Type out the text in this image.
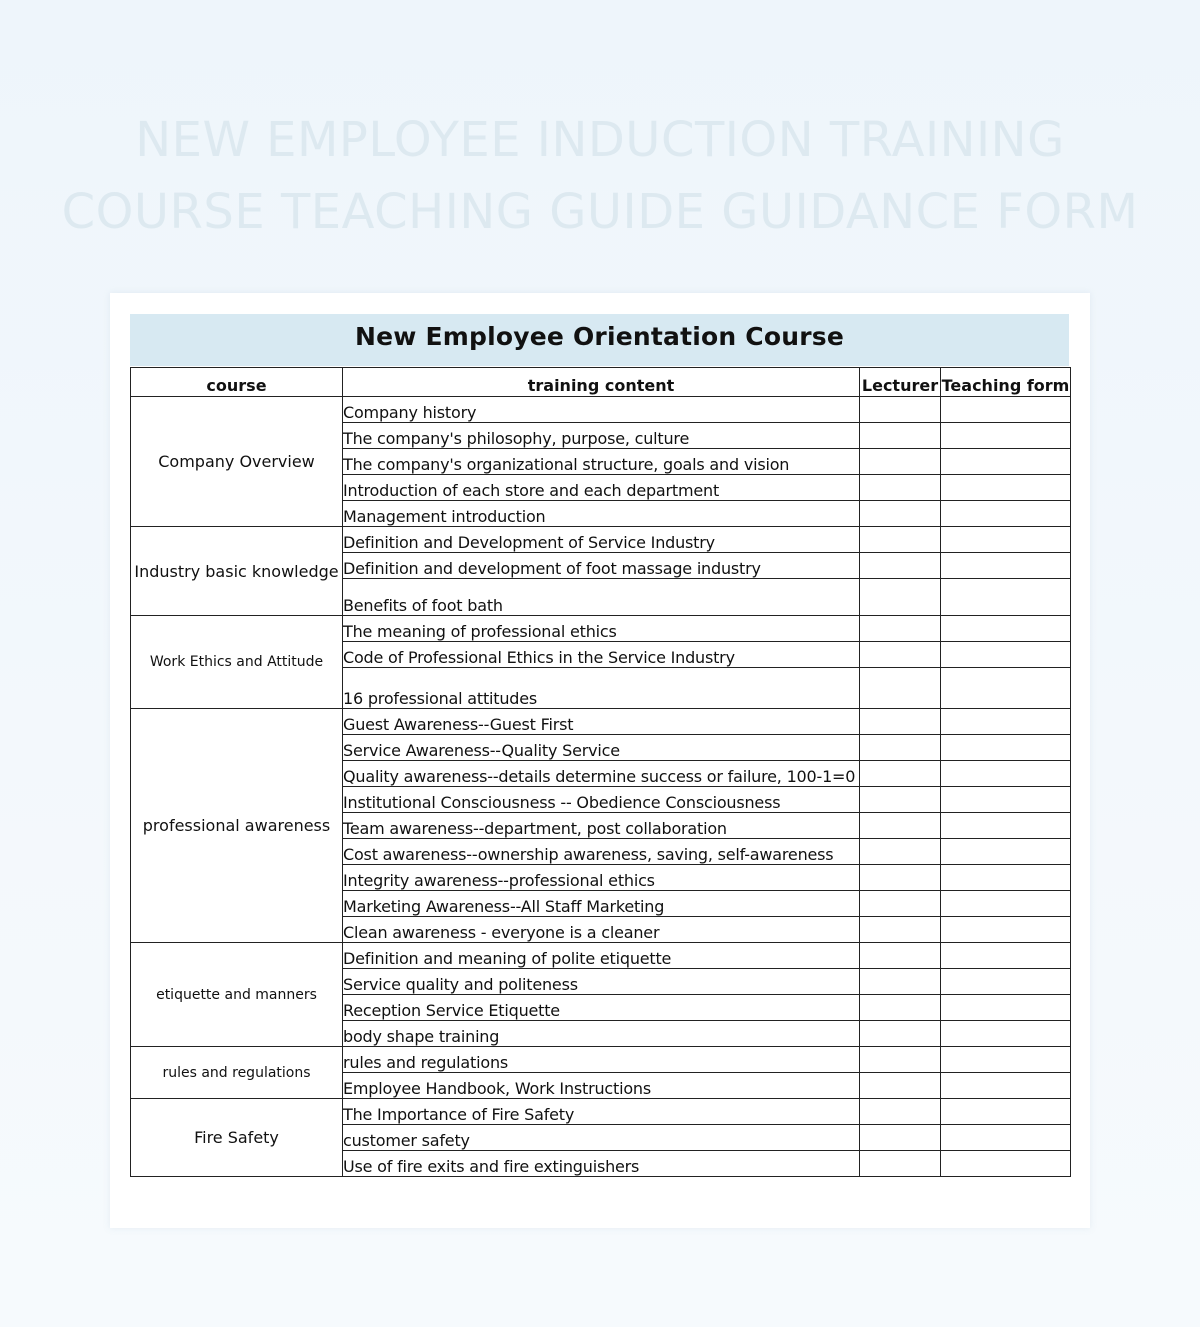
NEW EMPLOYEE INDUCTION TRAINING
COURSE TEACHING GUIDE GUIDANCE FORM
New Employee Orientation Course
course	training content	Lecturer	Teaching form
Company Overview	Company history		
	The company's philosophy, purpose, culture		
	The company's organizational structure, goals and vision		
	Introduction of each store and each department		
	Management introduction		
Industry basic knowledge	Definition and Development of Service Industry		
	Definition and development of foot massage industry		
	Benefits of foot bath		
Work Ethics and Attitude	The meaning of professional ethics		
	Code of Professional Ethics in the Service Industry		
	16 professional attitudes		
professional awareness	Guest Awareness--Guest First		
	Service Awareness--Quality Service		
	Quality awareness--details determine success or failure, 100-1=0		
	Institutional Consciousness -- Obedience Consciousness		
	Team awareness--department, post collaboration		
	Cost awareness--ownership awareness, saving, self-awareness		
	Integrity awareness--professional ethics		
	Marketing Awareness--All Staff Marketing		
	Clean awareness - everyone is a cleaner		
etiquette and manners	Definition and meaning of polite etiquette		
	Service quality and politeness		
	Reception Service Etiquette		
	body shape training		
rules and regulations	rules and regulations		
	Employee Handbook, Work Instructions		
Fire Safety	The Importance of Fire Safety		
	customer safety		
	Use of fire exits and fire extinguishers		
